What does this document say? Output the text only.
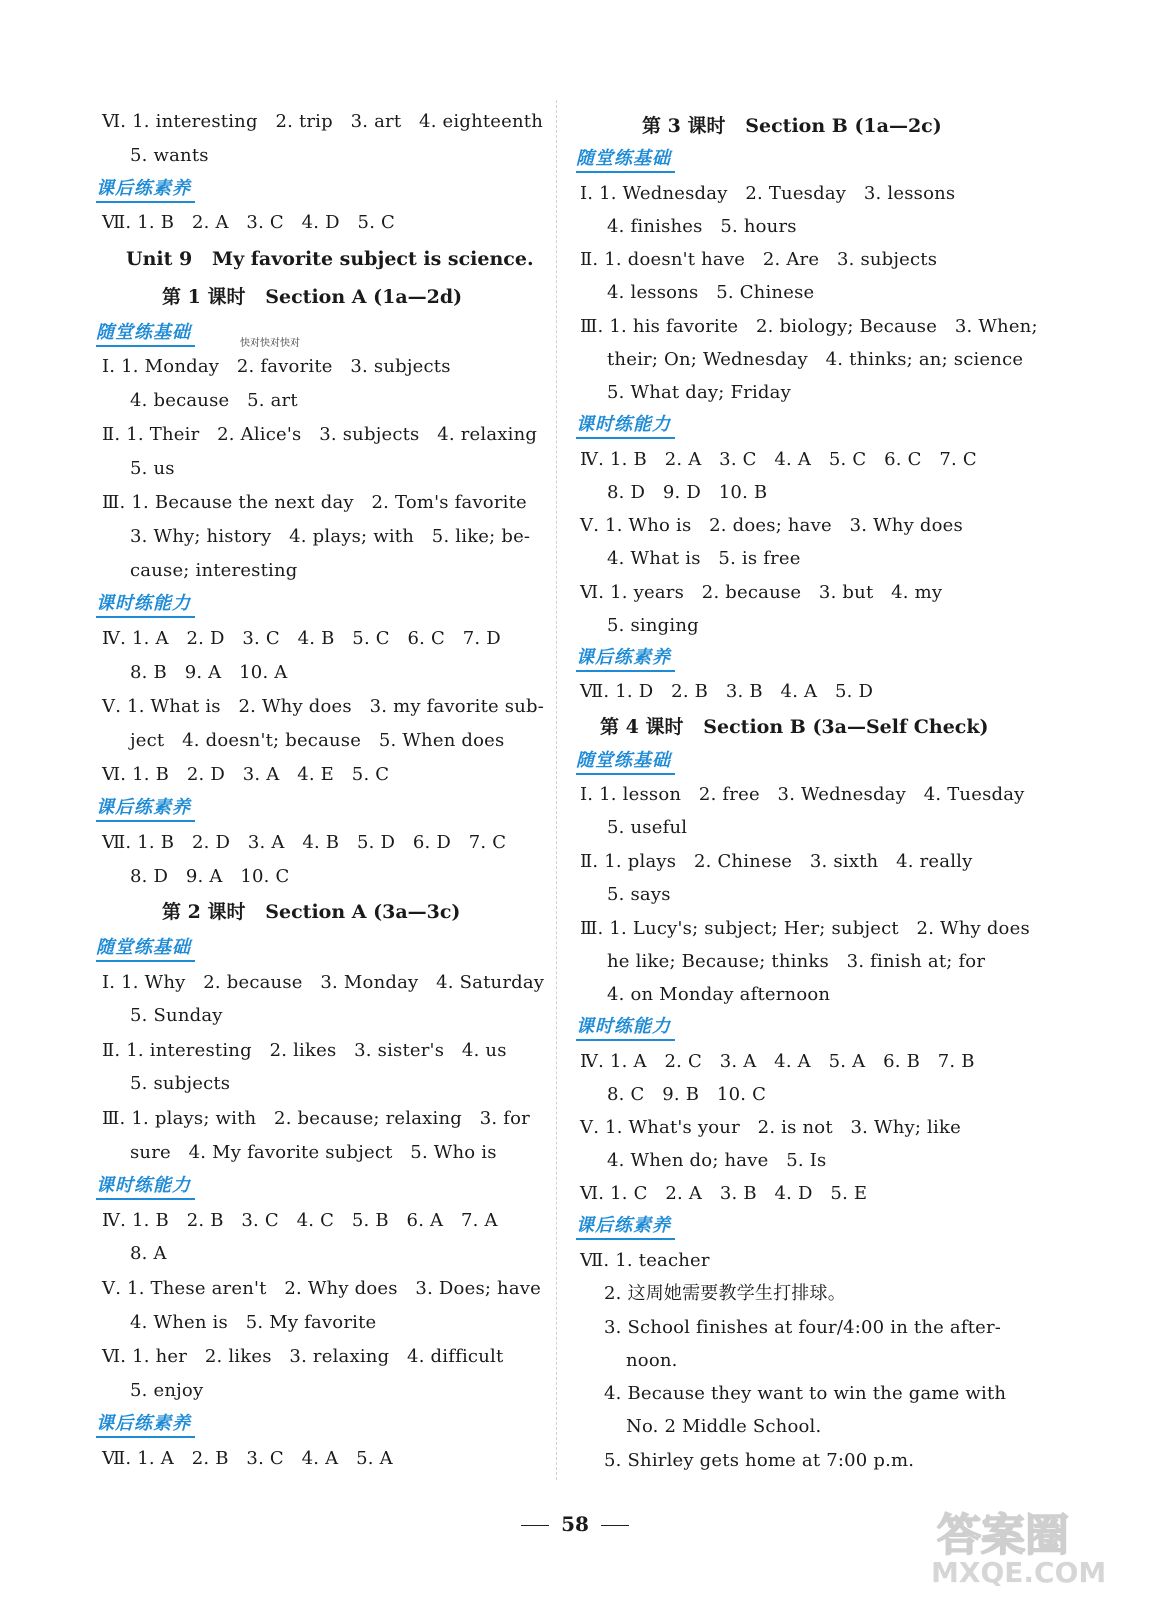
Ⅵ. 1. interesting   2. trip   3. art   4. eighteenth
5. wants
课后练素养
Ⅶ. 1. B   2. A   3. C   4. D   5. C
Unit 9   My favorite subject is science.
第 1 课时   Section A (1a—2d)
随堂练基础
快对快对快对
Ⅰ. 1. Monday   2. favorite   3. subjects
4. because   5. art
Ⅱ. 1. Their   2. Alice's   3. subjects   4. relaxing
5. us
Ⅲ. 1. Because the next day   2. Tom's favorite
3. Why; history   4. plays; with   5. like; be-
cause; interesting
课时练能力
Ⅳ. 1. A   2. D   3. C   4. B   5. C   6. C   7. D
8. B   9. A   10. A
Ⅴ. 1. What is   2. Why does   3. my favorite sub-
ject   4. doesn't; because   5. When does
Ⅵ. 1. B   2. D   3. A   4. E   5. C
课后练素养
Ⅶ. 1. B   2. D   3. A   4. B   5. D   6. D   7. C
8. D   9. A   10. C
第 2 课时   Section A (3a—3c)
随堂练基础
Ⅰ. 1. Why   2. because   3. Monday   4. Saturday
5. Sunday
Ⅱ. 1. interesting   2. likes   3. sister's   4. us
5. subjects
Ⅲ. 1. plays; with   2. because; relaxing   3. for
sure   4. My favorite subject   5. Who is
课时练能力
Ⅳ. 1. B   2. B   3. C   4. C   5. B   6. A   7. A
8. A
Ⅴ. 1. These aren't   2. Why does   3. Does; have
4. When is   5. My favorite
Ⅵ. 1. her   2. likes   3. relaxing   4. difficult
5. enjoy
课后练素养
Ⅶ. 1. A   2. B   3. C   4. A   5. A
第 3 课时   Section B (1a—2c)
随堂练基础
Ⅰ. 1. Wednesday   2. Tuesday   3. lessons
4. finishes   5. hours
Ⅱ. 1. doesn't have   2. Are   3. subjects
4. lessons   5. Chinese
Ⅲ. 1. his favorite   2. biology; Because   3. When;
their; On; Wednesday   4. thinks; an; science
5. What day; Friday
课时练能力
Ⅳ. 1. B   2. A   3. C   4. A   5. C   6. C   7. C
8. D   9. D   10. B
Ⅴ. 1. Who is   2. does; have   3. Why does
4. What is   5. is free
Ⅵ. 1. years   2. because   3. but   4. my
5. singing
课后练素养
Ⅶ. 1. D   2. B   3. B   4. A   5. D
第 4 课时   Section B (3a—Self Check)
随堂练基础
Ⅰ. 1. lesson   2. free   3. Wednesday   4. Tuesday
5. useful
Ⅱ. 1. plays   2. Chinese   3. sixth   4. really
5. says
Ⅲ. 1. Lucy's; subject; Her; subject   2. Why does
he like; Because; thinks   3. finish at; for
4. on Monday afternoon
课时练能力
Ⅳ. 1. A   2. C   3. A   4. A   5. A   6. B   7. B
8. C   9. B   10. C
Ⅴ. 1. What's your   2. is not   3. Why; like
4. When do; have   5. Is
Ⅵ. 1. C   2. A   3. B   4. D   5. E
课后练素养
Ⅶ. 1. teacher
2. 这周她需要教学生打排球。
3. School finishes at four/4:00 in the after-
noon.
4. Because they want to win the game with
No. 2 Middle School.
5. Shirley gets home at 7:00 p.m.
58	答案圈
MXQE.COM
